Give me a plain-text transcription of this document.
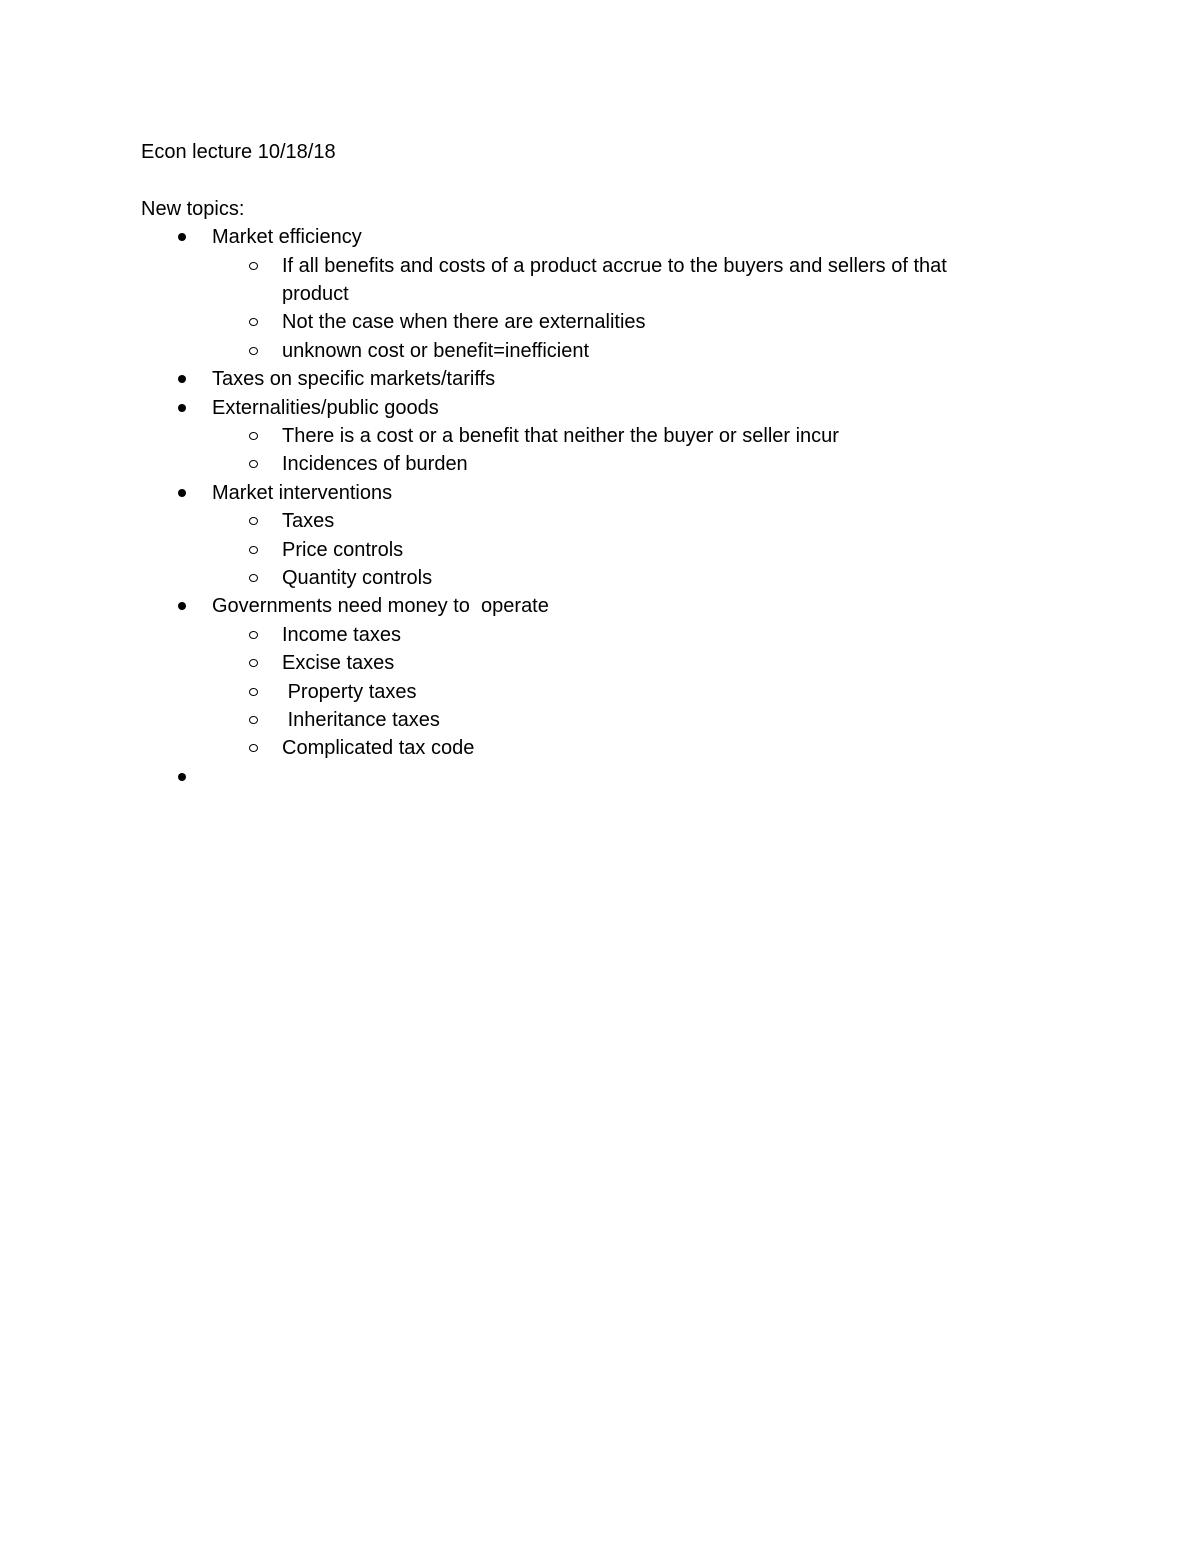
Econ lecture 10/18/18

New topics:

Market efficiency
If all benefits and costs of a product accrue to the buyers and sellers of that product
Not the case when there are externalities
unknown cost or benefit=inefficient
Taxes on specific markets/tariffs
Externalities/public goods
There is a cost or a benefit that neither the buyer or seller incur
Incidences of burden
Market interventions
Taxes
Price controls
Quantity controls
Governments need money to  operate
Income taxes
Excise taxes
Property taxes
Inheritance taxes
Complicated tax code
